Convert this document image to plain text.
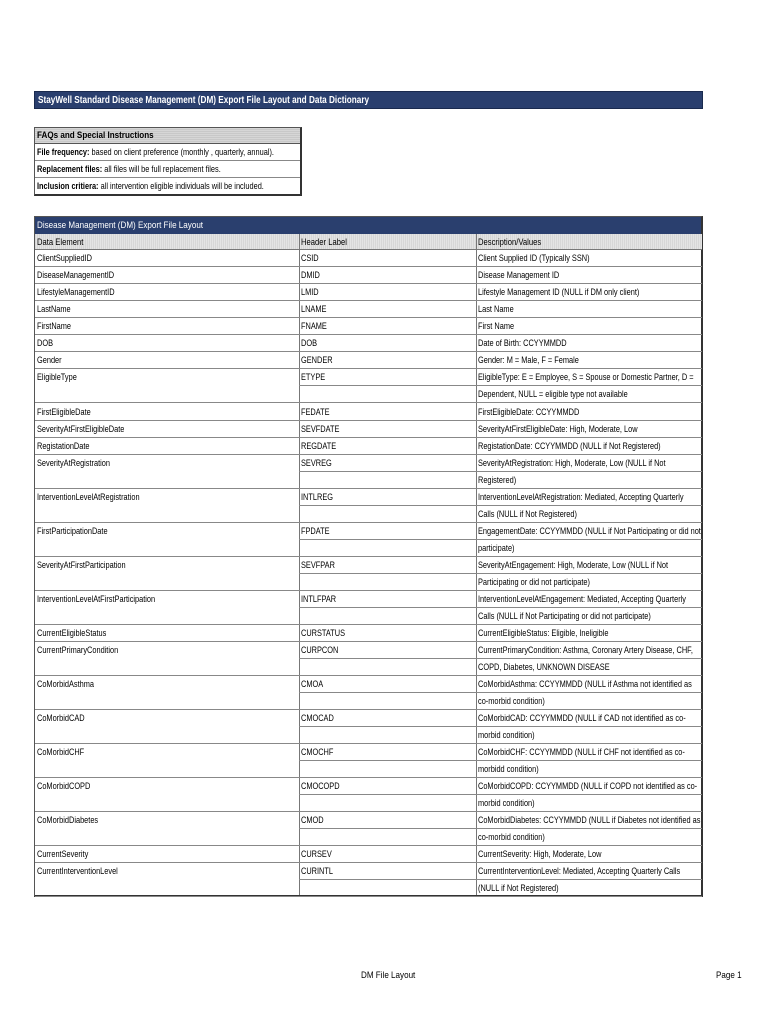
StayWell Standard Disease Management (DM) Export File Layout and Data Dictionary
FAQs and Special Instructions
File frequency: based on client preference (monthly , quarterly, annual).
Replacement files: all files will be full replacement files.
Inclusion critiera: all intervention eligible individuals will be included.
Disease Management (DM) Export File Layout
Data Element	Header Label	Description/Values
ClientSuppliedID	CSID	Client Supplied ID (Typically SSN)
DiseaseManagementID	DMID	Disease Management ID
LifestyleManagementID	LMID	Lifestyle Management ID (NULL if DM only client)
LastName	LNAME	Last Name
FirstName	FNAME	First Name
DOB	DOB	Date of Birth: CCYYMMDD
Gender	GENDER	Gender: M = Male, F = Female
EligibleType	ETYPE	EligibleType: E = Employee, S = Spouse or Domestic Partner, D = Dependent, NULL = eligible type not available
FirstEligibleDate	FEDATE	FirstEligibleDate: CCYYMMDD
SeverityAtFirstEligibleDate	SEVFDATE	SeverityAtFirstEligibleDate: High, Moderate, Low
RegistationDate	REGDATE	RegistationDate: CCYYMMDD (NULL if Not Registered)
SeverityAtRegistration	SEVREG	SeverityAtRegistration: High, Moderate, Low (NULL if Not Registered)
InterventionLevelAtRegistration	INTLREG	InterventionLevelAtRegistration: Mediated, Accepting Quarterly Calls (NULL if Not Registered)
FirstParticipationDate	FPDATE	EngagementDate: CCYYMMDD (NULL if Not Participating or did not participate)
SeverityAtFirstParticipation	SEVFPAR	SeverityAtEngagement: High, Moderate, Low (NULL if Not Participating or did not participate)
InterventionLevelAtFirstParticipation	INTLFPAR	InterventionLevelAtEngagement: Mediated, Accepting Quarterly Calls (NULL if Not Participating or did not participate)
CurrentEligibleStatus	CURSTATUS	CurrentEligibleStatus: Eligible, Ineligible
CurrentPrimaryCondition	CURPCON	CurrentPrimaryCondition: Asthma, Coronary Artery Disease, CHF, COPD, Diabetes, UNKNOWN DISEASE
CoMorbidAsthma	CMOA	CoMorbidAsthma: CCYYMMDD (NULL if Asthma not identified as co-morbid condition)
CoMorbidCAD	CMOCAD	CoMorbidCAD: CCYYMMDD (NULL if CAD not identified as co-morbid condition)
CoMorbidCHF	CMOCHF	CoMorbidCHF: CCYYMMDD (NULL if CHF not identified as co-morbidd condition)
CoMorbidCOPD	CMOCOPD	CoMorbidCOPD: CCYYMMDD (NULL if COPD not identified as co-morbid condition)
CoMorbidDiabetes	CMOD	CoMorbidDiabetes: CCYYMMDD (NULL if Diabetes not identified as co-morbid condition)
CurrentSeverity	CURSEV	CurrentSeverity: High, Moderate, Low
CurrentInterventionLevel	CURINTL	CurrentInterventionLevel: Mediated, Accepting Quarterly Calls (NULL if Not Registered)
DM File Layout	Page 1
